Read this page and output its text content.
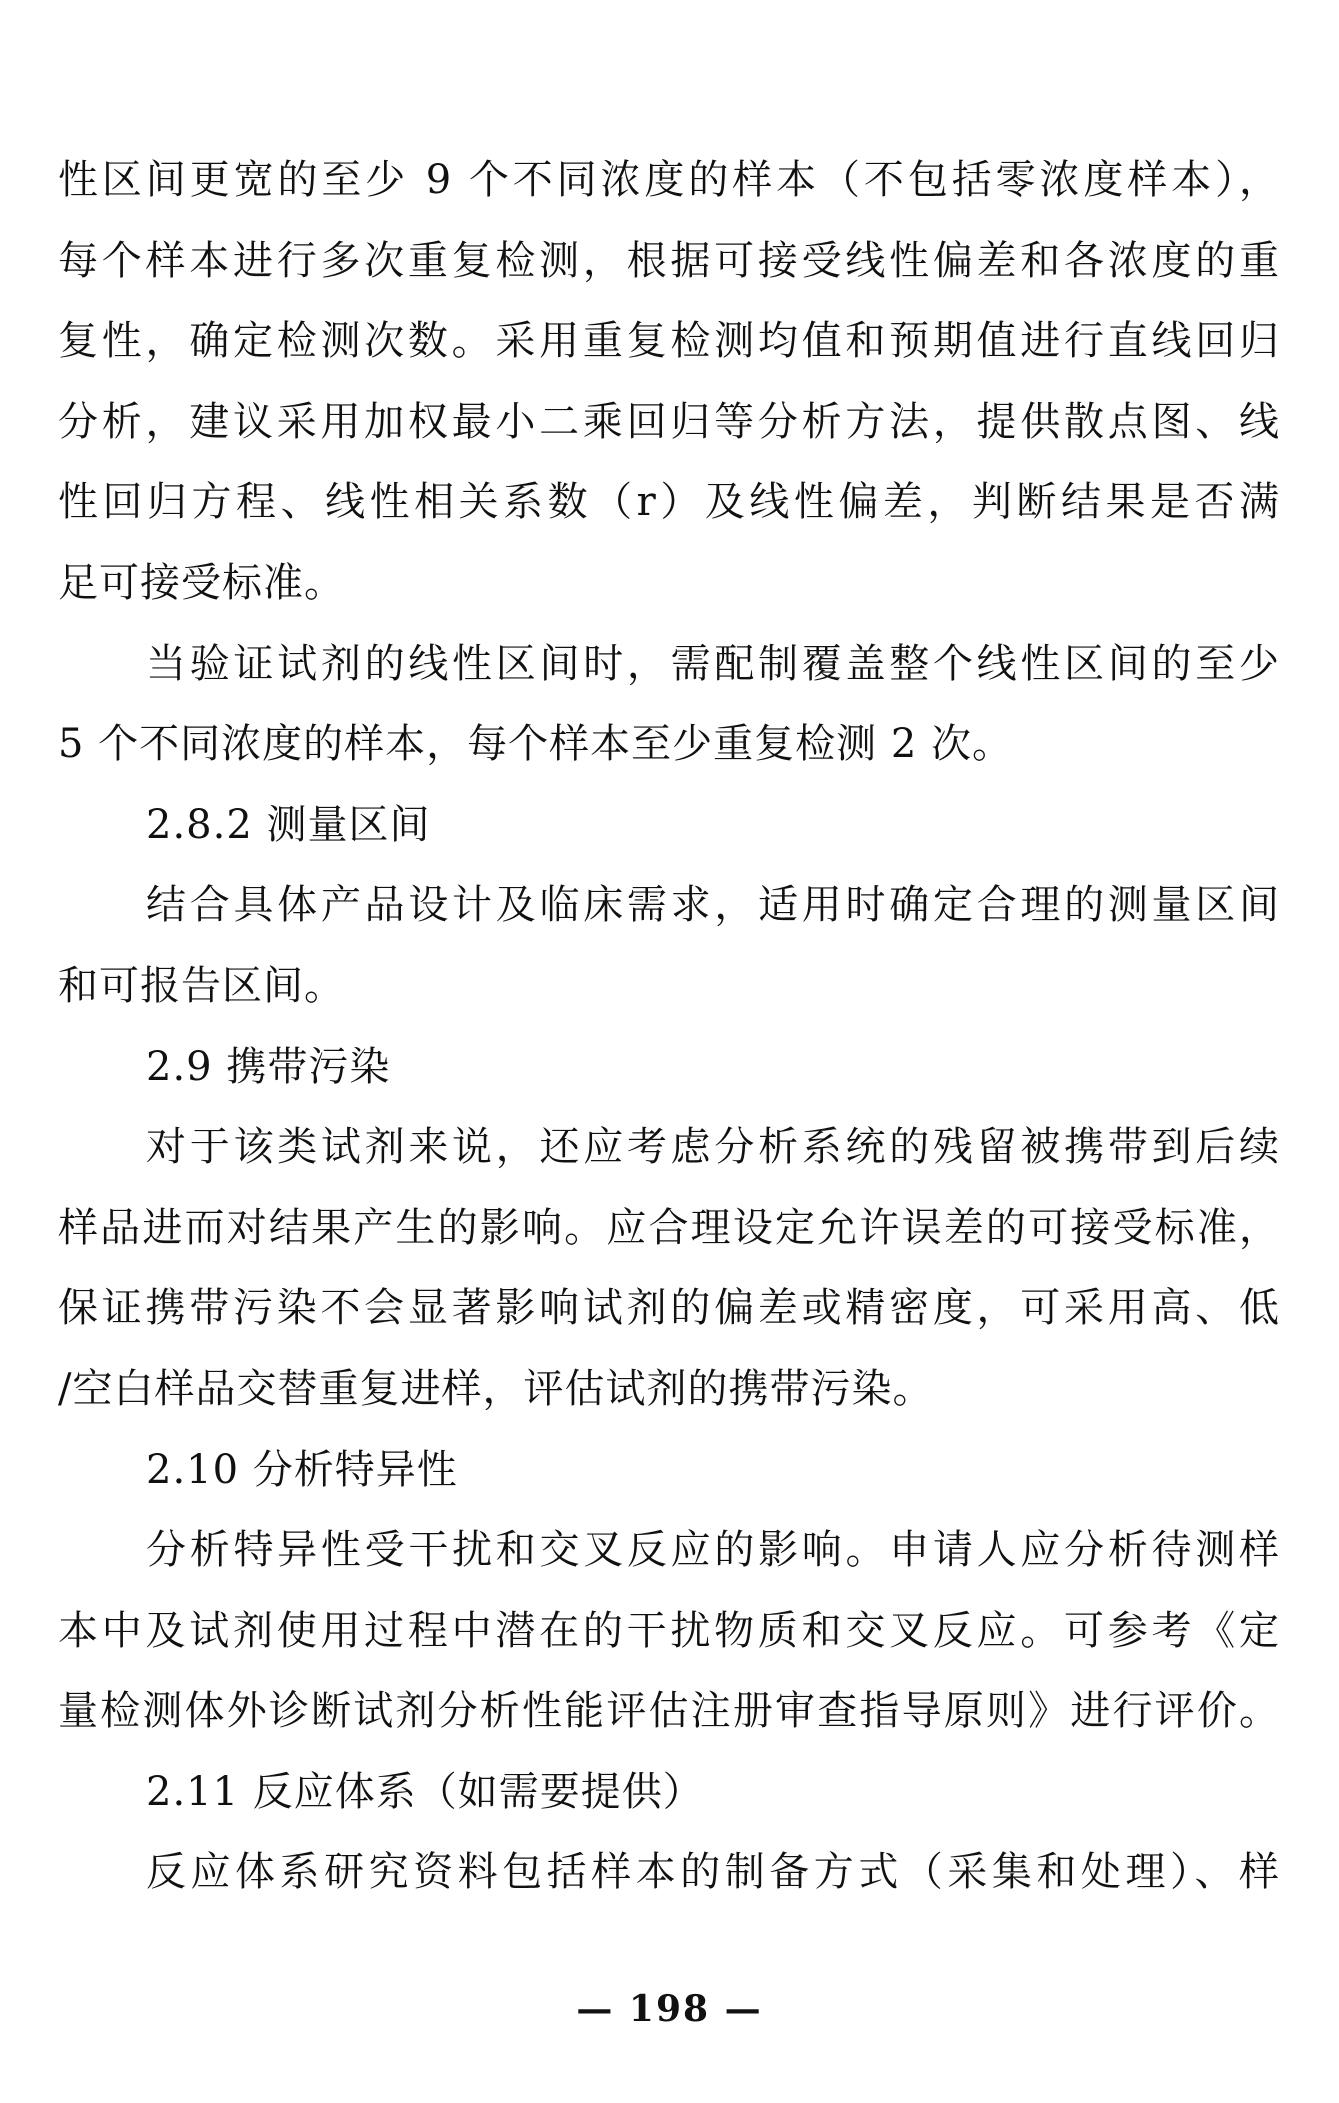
性区间更宽的至少 9 个不同浓度的样本（不包括零浓度样本），
每个样本进行多次重复检测，根据可接受线性偏差和各浓度的重
复性，确定检测次数。采用重复检测均值和预期值进行直线回归
分析，建议采用加权最小二乘回归等分析方法，提供散点图、线
性回归方程、线性相关系数（r）及线性偏差，判断结果是否满
足可接受标准。
当验证试剂的线性区间时，需配制覆盖整个线性区间的至少
5 个不同浓度的样本，每个样本至少重复检测 2 次。
2.8.2 测量区间
结合具体产品设计及临床需求，适用时确定合理的测量区间
和可报告区间。
2.9 携带污染
对于该类试剂来说，还应考虑分析系统的残留被携带到后续
样品进而对结果产生的影响。应合理设定允许误差的可接受标准，
保证携带污染不会显著影响试剂的偏差或精密度，可采用高、低
/空白样品交替重复进样，评估试剂的携带污染。
2.10 分析特异性
分析特异性受干扰和交叉反应的影响。申请人应分析待测样
本中及试剂使用过程中潜在的干扰物质和交叉反应。可参考《定
量检测体外诊断试剂分析性能评估注册审查指导原则》进行评价。
2.11 反应体系（如需要提供）
反应体系研究资料包括样本的制备方式（采集和处理）、样
— 198 —
